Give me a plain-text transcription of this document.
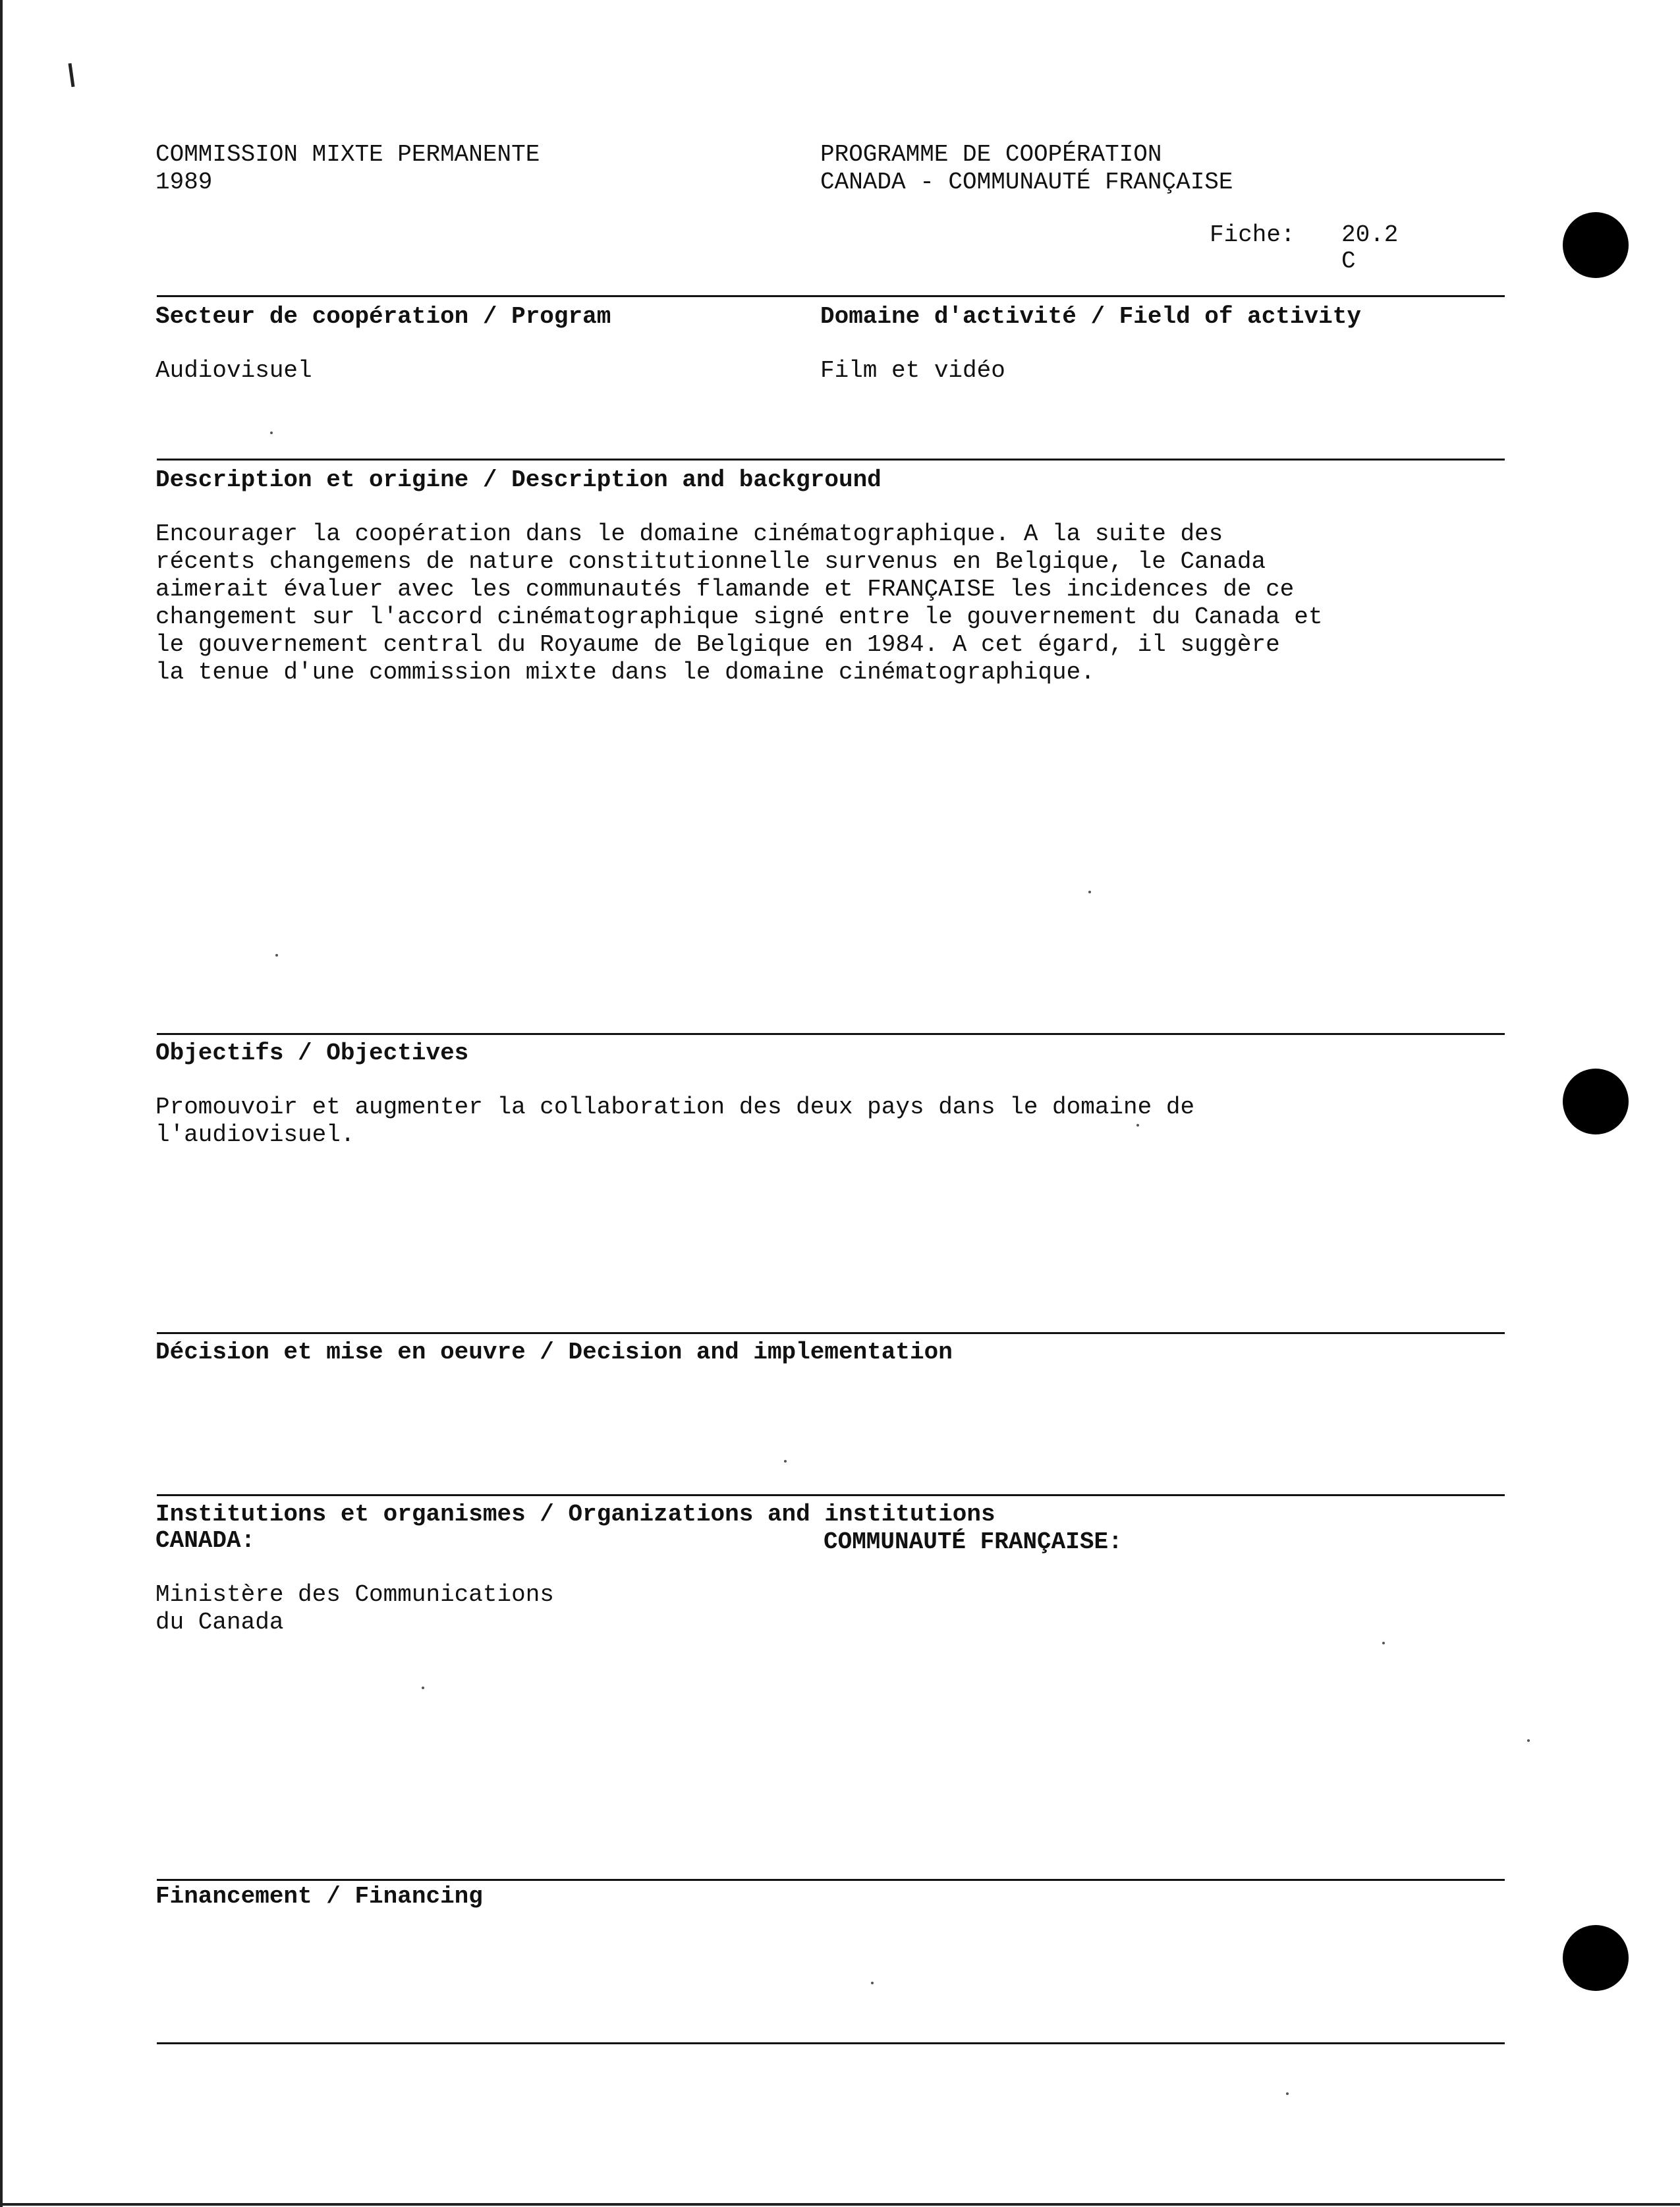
COMMISSION MIXTE PERMANENTE
1989
PROGRAMME DE COOPÉRATION
CANADA - COMMUNAUTÉ FRANÇAISE
Fiche: 20.2
C
Secteur de coopération / Program
Audiovisuel
Domaine d'activité / Field of activity
Film et vidéo
Description et origine / Description and background
Encourager la coopération dans le domaine cinématographique. A la suite des
récents changemens de nature constitutionnelle survenus en Belgique, le Canada
aimerait évaluer avec les communautés flamande et FRANÇAISE les incidences de ce
changement sur l'accord cinématographique signé entre le gouvernement du Canada et
le gouvernement central du Royaume de Belgique en 1984. A cet égard, il suggère
la tenue d'une commission mixte dans le domaine cinématographique.
Objectifs / Objectives
Promouvoir et augmenter la collaboration des deux pays dans le domaine de
l'audiovisuel.
Décision et mise en oeuvre / Decision and implementation
Institutions et organismes / Organizations and institutions
CANADA:	COMMUNAUTÉ FRANÇAISE:
Ministère des Communications
du Canada
Financement / Financing
